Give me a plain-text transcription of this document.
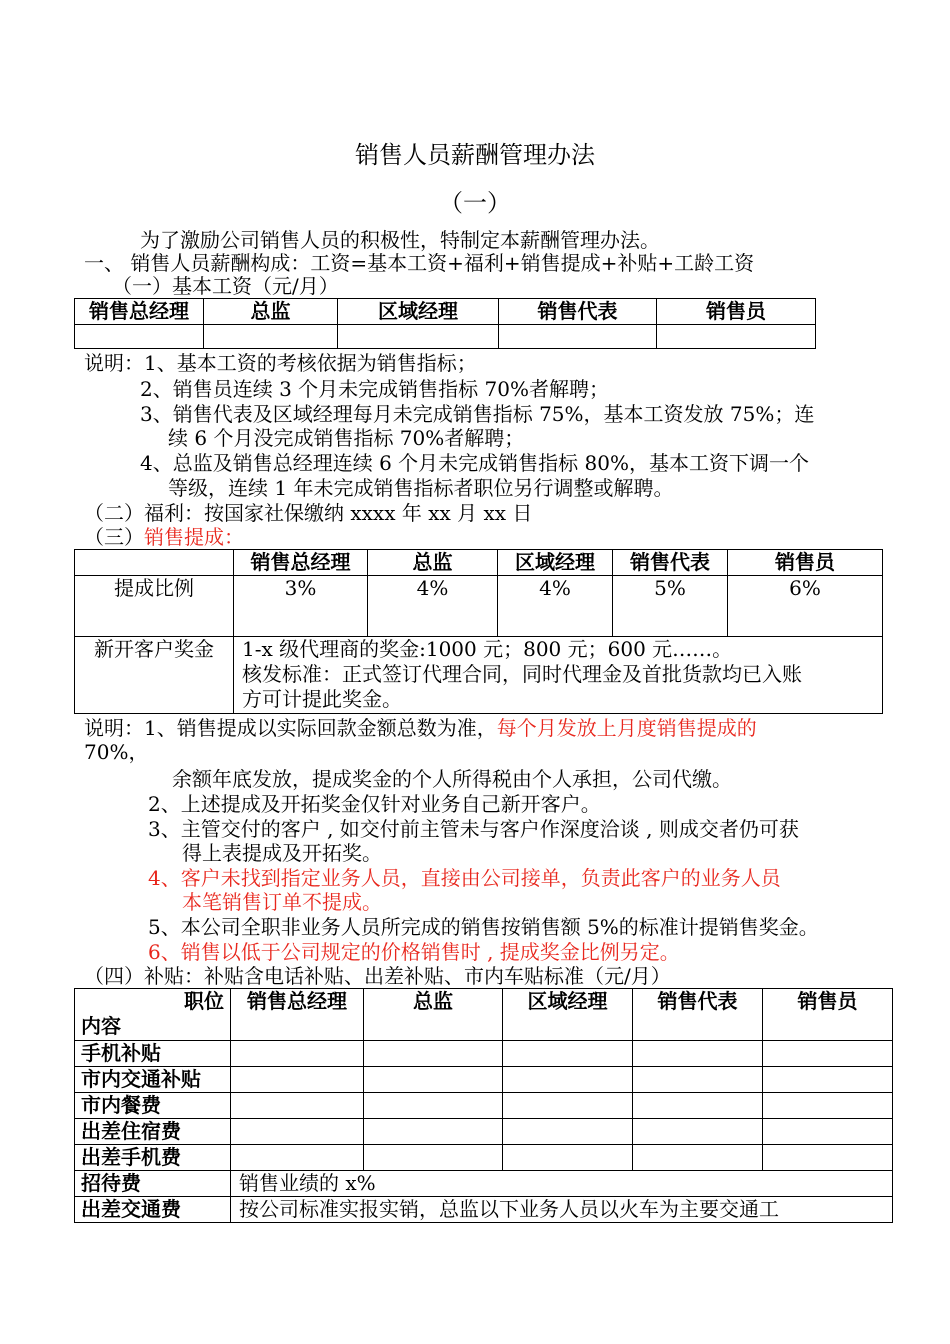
销售人员薪酬管理办法
（一）
为了激励公司销售人员的积极性，特制定本薪酬管理办法。
一、 销售人员薪酬构成：工资=基本工资+福利+销售提成+补贴+工龄工资
（一）基本工资（元/月）
销售总经理	总监	区域经理	销售代表	销售员

说明：1、基本工资的考核依据为销售指标；
2、销售员连续 3 个月未完成销售指标 70%者解聘；
3、销售代表及区域经理每月未完成销售指标 75%，基本工资发放 75%；连
续 6 个月没完成销售指标 70%者解聘；
4、总监及销售总经理连续 6 个月未完成销售指标 80%，基本工资下调一个
等级，连续 1 年未完成销售指标者职位另行调整或解聘。
（二）福利：按国家社保缴纳 xxxx 年 xx 月 xx 日
（三）销售提成：
	销售总经理	总监	区域经理	销售代表	销售员
提成比例	3%	4%	4%	5%	6%
新开客户奖金	1-x 级代理商的奖金:1000 元；800 元；600 元……。
核发标准：正式签订代理合同，同时代理金及首批货款均已入账
方可计提此奖金。				
说明：1、销售提成以实际回款金额总数为准，每个月发放上月度销售提成的
70%，
余额年底发放，提成奖金的个人所得税由个人承担，公司代缴。
2、上述提成及开拓奖金仅针对业务自己新开客户。
3、主管交付的客户 , 如交付前主管未与客户作深度洽谈 , 则成交者仍可获
得上表提成及开拓奖。
4、客户未找到指定业务人员，直接由公司接单，负责此客户的业务人员
本笔销售订单不提成。
5、本公司全职非业务人员所完成的销售按销售额 5%的标准计提销售奖金。
6、销售以低于公司规定的价格销售时 , 提成奖金比例另定。
（四）补贴：补贴含电话补贴、出差补贴、市内车贴标准（元/月）
职位
内容	销售总经理	总监	区域经理	销售代表	销售员
手机补贴					
市内交通补贴					
市内餐费					
出差住宿费					
出差手机费					
招待费	销售业绩的 x%				
出差交通费	按公司标准实报实销，总监以下业务人员以火车为主要交通工				
